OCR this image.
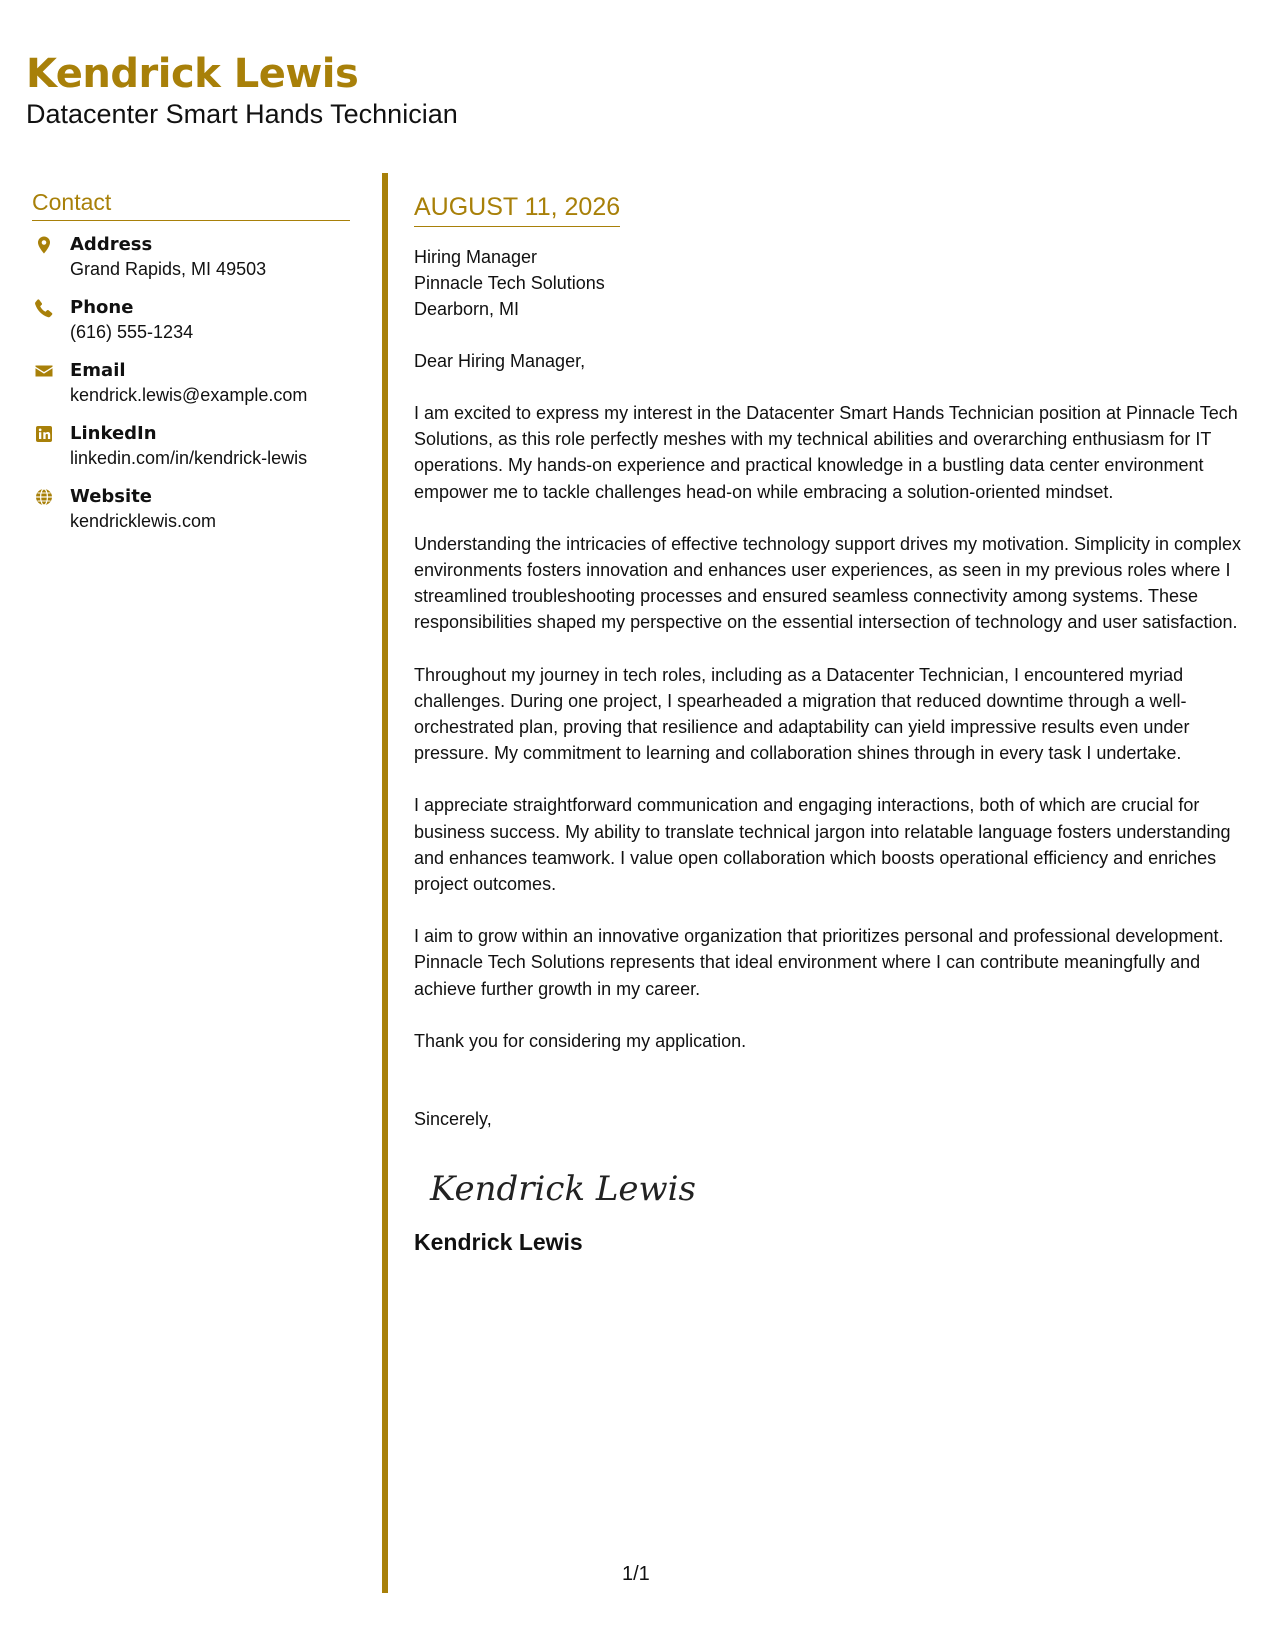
Kendrick Lewis
Datacenter Smart Hands Technician
Contact
Address
Grand Rapids, MI 49503
Phone
(616) 555-1234
Email
kendrick.lewis@example.com
LinkedIn
linkedin.com/in/kendrick-lewis
Website
kendricklewis.com
AUGUST 11, 2026
Hiring Manager
Pinnacle Tech Solutions
Dearborn, MI
Dear Hiring Manager,
I am excited to express my interest in the Datacenter Smart Hands Technician position at Pinnacle Tech Solutions, as this role perfectly meshes with my technical abilities and overarching enthusiasm for IT operations. My hands-on experience and practical knowledge in a bustling data center environment empower me to tackle challenges head-on while embracing a solution-oriented mindset.
Understanding the intricacies of effective technology support drives my motivation. Simplicity in complex environments fosters innovation and enhances user experiences, as seen in my previous roles where I streamlined troubleshooting processes and ensured seamless connectivity among systems. These responsibilities shaped my perspective on the essential intersection of technology and user satisfaction.
Throughout my journey in tech roles, including as a Datacenter Technician, I encountered myriad challenges. During one project, I spearheaded a migration that reduced downtime through a well-orchestrated plan, proving that resilience and adaptability can yield impressive results even under pressure. My commitment to learning and collaboration shines through in every task I undertake.
I appreciate straightforward communication and engaging interactions, both of which are crucial for business success. My ability to translate technical jargon into relatable language fosters understanding and enhances teamwork. I value open collaboration which boosts operational efficiency and enriches project outcomes.
I aim to grow within an innovative organization that prioritizes personal and professional development. Pinnacle Tech Solutions represents that ideal environment where I can contribute meaningfully and achieve further growth in my career.
Thank you for considering my application.
Sincerely,
Kendrick Lewis
Kendrick Lewis
1/1
